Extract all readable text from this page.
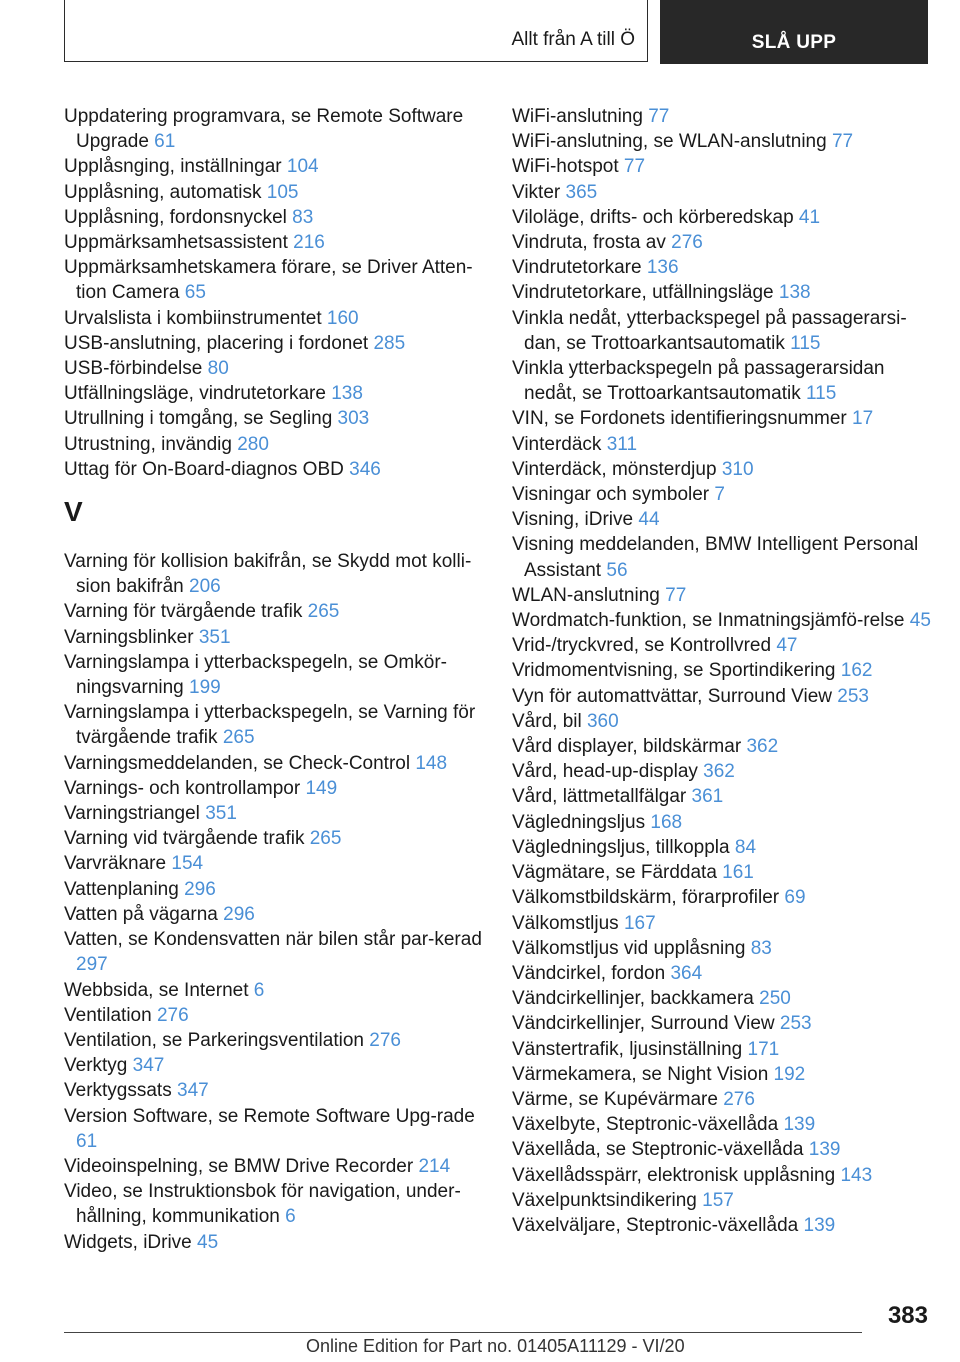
Allt från A till Ö	SLÅ UPP

Uppdatering programvara, se Remote Software Upgrade 61

Upplåsnging, inställningar 104

Upplåsning, automatisk 105

Upplåsning, fordonsnyckel 83

Uppmärksamhetsassistent 216

Uppmärksamhetskamera förare, se Driver Atten‐tion Camera 65

Urvalslista i kombiinstrumentet 160

USB-anslutning, placering i fordonet 285

USB-förbindelse 80

Utfällningsläge, vindrutetorkare 138

Utrullning i tomgång, se Segling 303

Utrustning, invändig 280

Uttag för On-Board-diagnos OBD 346

V

Varning för kollision bakifrån, se Skydd mot kolli‐sion bakifrån 206

Varning för tvärgående trafik 265

Varningsblinker 351

Varningslampa i ytterbackspegeln, se Omkör‐ningsvarning 199

Varningslampa i ytterbackspegeln, se Varning för tvärgående trafik 265

Varningsmeddelanden, se Check-Control 148

Varnings- och kontrollampor 149

Varningstriangel 351

Varning vid tvärgående trafik 265

Varvräknare 154

Vattenplaning 296

Vatten på vägarna 296

Vatten, se Kondensvatten när bilen står par‐kerad 297

Webbsida, se Internet 6

Ventilation 276

Ventilation, se Parkeringsventilation 276

Verktyg 347

Verktygssats 347

Version Software, se Remote Software Upg‐rade 61

Videoinspelning, se BMW Drive Recorder 214

Video, se Instruktionsbok för navigation, under‐hållning, kommunikation 6

Widgets, iDrive 45

WiFi-anslutning 77

WiFi-anslutning, se WLAN-anslutning 77

WiFi-hotspot 77

Vikter 365

Viloläge, drifts- och körberedskap 41

Vindruta, frosta av 276

Vindrutetorkare 136

Vindrutetorkare, utfällningsläge 138

Vinkla nedåt, ytterbackspegel på passagerarsi‐dan, se Trottoarkantsautomatik 115

Vinkla ytterbackspegeln på passagerarsidan nedåt, se Trottoarkantsautomatik 115

VIN, se Fordonets identifieringsnummer 17

Vinterdäck 311

Vinterdäck, mönsterdjup 310

Visningar och symboler 7

Visning, iDrive 44

Visning meddelanden, BMW Intelligent Personal Assistant 56

WLAN-anslutning 77

Wordmatch-funktion, se Inmatningsjämfö‐relse 45

Vrid-/tryckvred, se Kontrollvred 47

Vridmomentvisning, se Sportindikering 162

Vyn för automattvättar, Surround View 253

Vård, bil 360

Vård displayer, bildskärmar 362

Vård, head-up-display 362

Vård, lättmetallfälgar 361

Vägledningsljus 168

Vägledningsljus, tillkoppla 84

Vägmätare, se Färddata 161

Välkomstbildskärm, förarprofiler 69

Välkomstljus 167

Välkomstljus vid upplåsning 83

Vändcirkel, fordon 364

Vändcirkellinjer, backkamera 250

Vändcirkellinjer, Surround View 253

Vänstertrafik, ljusinställning 171

Värmekamera, se Night Vision 192

Värme, se Kupévärmare 276

Växelbyte, Steptronic-växellåda 139

Växellåda, se Steptronic-växellåda 139

Växellådsspärr, elektronisk upplåsning 143

Växelpunktsindikering 157

Växelväljare, Steptronic-växellåda 139

383
Online Edition for Part no. 01405A11129 - VI/20
